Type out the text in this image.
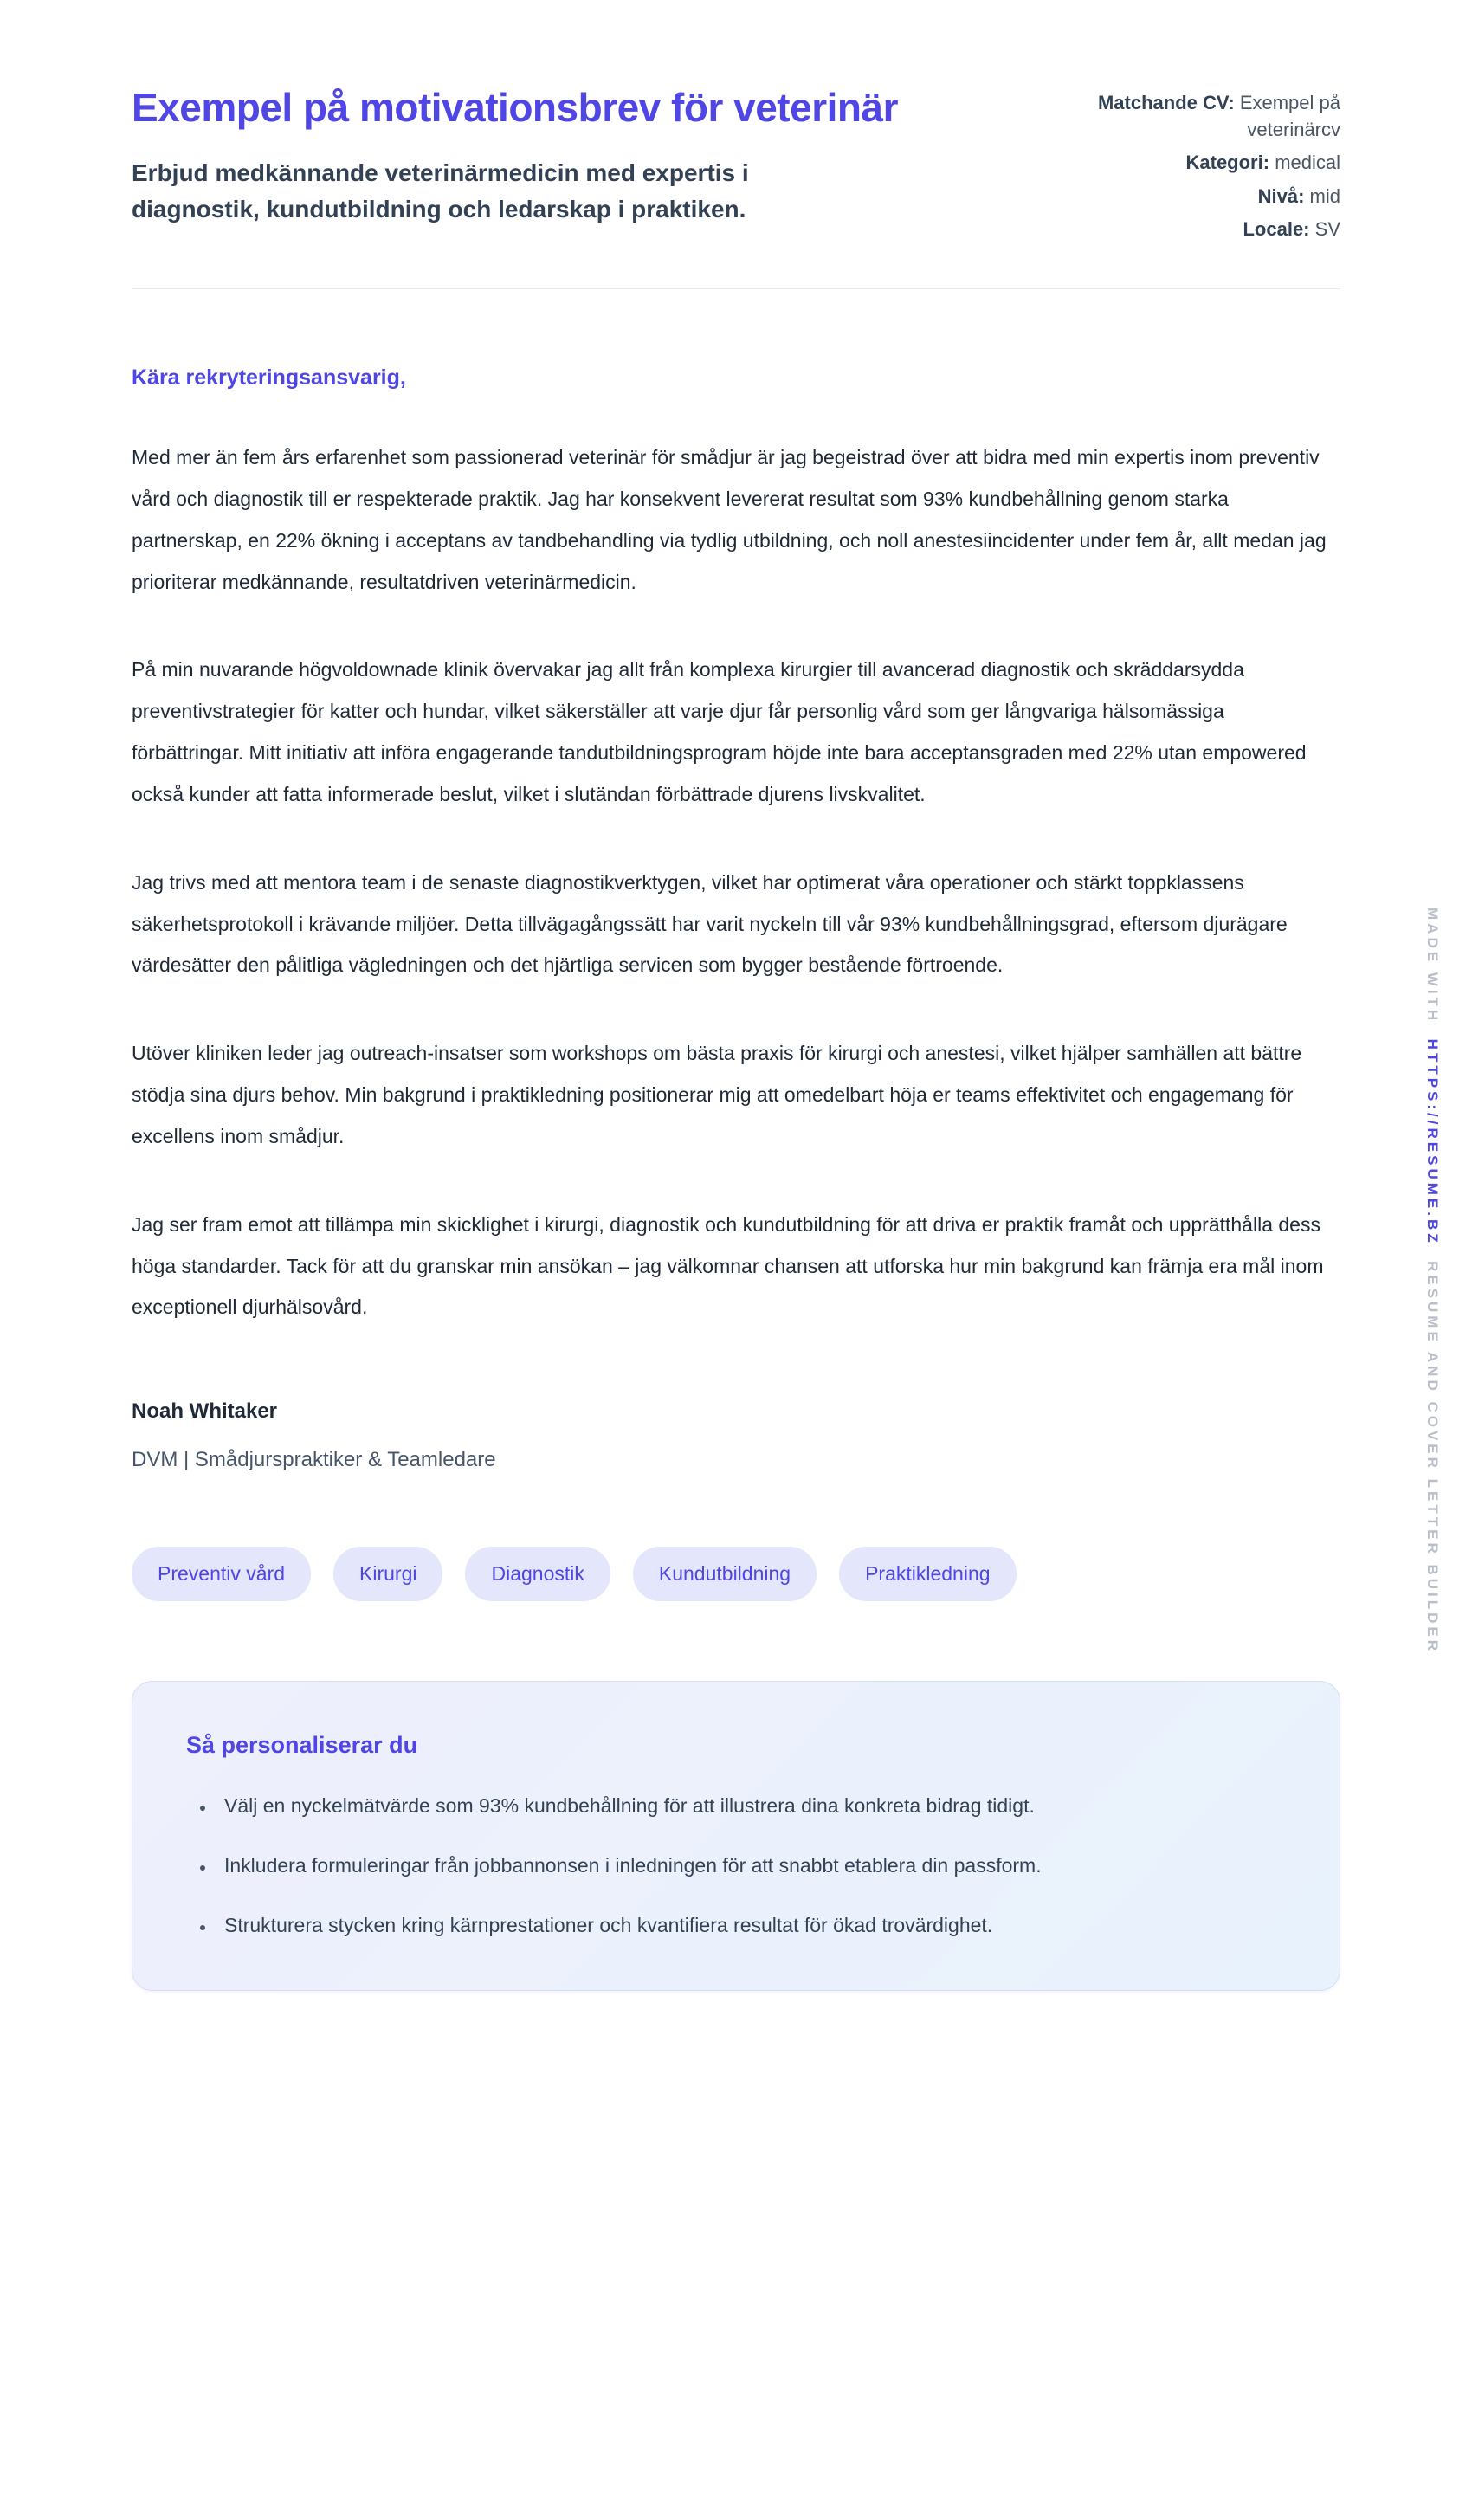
Exempel på motivationsbrev för veterinär

Erbjud medkännande veterinärmedicin med expertis i diagnostik, kundutbildning och ledarskap i praktiken.

Matchande CV: Exempel på veterinärcv
Kategori: medical
Nivå: mid
Locale: SV

Kära rekryteringsansvarig,

Med mer än fem års erfarenhet som passionerad veterinär för smådjur är jag begeistrad över att bidra med min expertis inom preventiv vård och diagnostik till er respekterade praktik. Jag har konsekvent levererat resultat som 93% kundbehållning genom starka partnerskap, en 22% ökning i acceptans av tandbehandling via tydlig utbildning, och noll anestesiincidenter under fem år, allt medan jag prioriterar medkännande, resultatdriven veterinärmedicin.

På min nuvarande högvoldownade klinik övervakar jag allt från komplexa kirurgier till avancerad diagnostik och skräddarsydda preventivstrategier för katter och hundar, vilket säkerställer att varje djur får personlig vård som ger långvariga hälsomässiga förbättringar. Mitt initiativ att införa engagerande tandutbildningsprogram höjde inte bara acceptansgraden med 22% utan empowered också kunder att fatta informerade beslut, vilket i slutändan förbättrade djurens livskvalitet.

Jag trivs med att mentora team i de senaste diagnostikverktygen, vilket har optimerat våra operationer och stärkt toppklassens säkerhetsprotokoll i krävande miljöer. Detta tillvägagångssätt har varit nyckeln till vår 93% kundbehållningsgrad, eftersom djurägare värdesätter den pålitliga vägledningen och det hjärtliga servicen som bygger bestående förtroende.

Utöver kliniken leder jag outreach-insatser som workshops om bästa praxis för kirurgi och anestesi, vilket hjälper samhällen att bättre stödja sina djurs behov. Min bakgrund i praktikledning positionerar mig att omedelbart höja er teams effektivitet och engagemang för excellens inom smådjur.

Jag ser fram emot att tillämpa min skicklighet i kirurgi, diagnostik och kundutbildning för att driva er praktik framåt och upprätthålla dess höga standarder. Tack för att du granskar min ansökan – jag välkomnar chansen att utforska hur min bakgrund kan främja era mål inom exceptionell djurhälsovård.

Noah Whitaker

DVM | Smådjurspraktiker & Teamledare

Preventiv vård	Kirurgi	Diagnostik	Kundutbildning	Praktikledning
Så personaliserar du
• Välj en nyckelmätvärde som 93% kundbehållning för att illustrera dina konkreta bidrag tidigt.
• Inkludera formuleringar från jobbannonsen i inledningen för att snabbt etablera din passform.
• Strukturera stycken kring kärnprestationer och kvantifiera resultat för ökad trovärdighet.
MADE WITH  HTTPS://RESUME.BZ  RESUME AND COVER LETTER BUILDER
